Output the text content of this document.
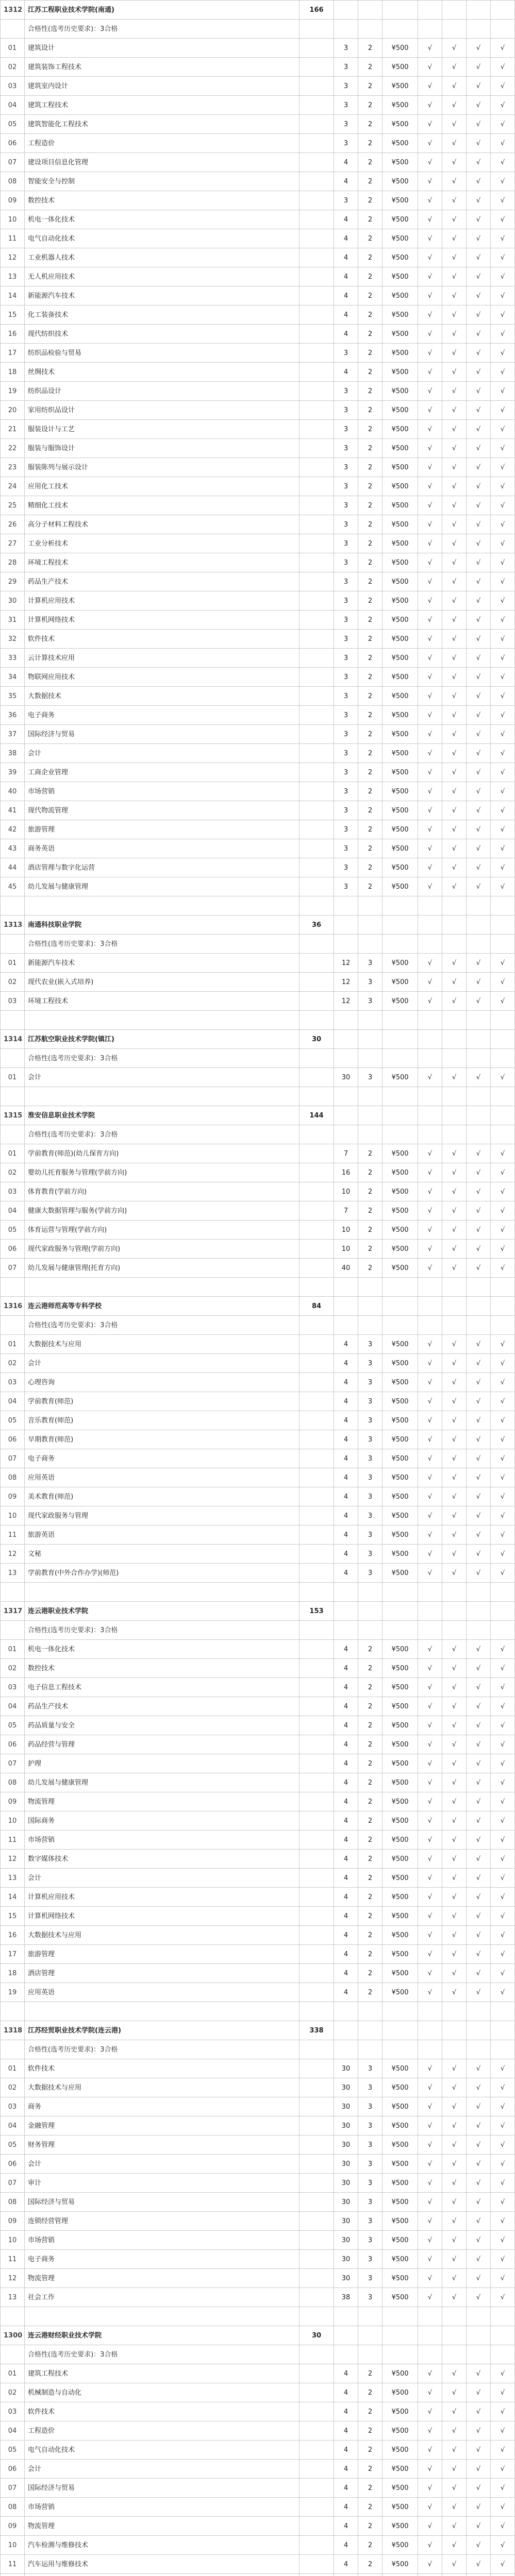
1312	江苏工程职业技术学院(南通)	166							
	合格性(选考历史要求)：3合格								
01	建筑设计		3	2	¥500	√	√	√	√
02	建筑装饰工程技术		3	2	¥500	√	√	√	√
03	建筑室内设计		3	2	¥500	√	√	√	√
04	建筑工程技术		3	2	¥500	√	√	√	√
05	建筑智能化工程技术		3	2	¥500	√	√	√	√
06	工程造价		3	2	¥500	√	√	√	√
07	建设项目信息化管理		4	2	¥500	√	√	√	√
08	智能安全与控制		4	2	¥500	√	√	√	√
09	数控技术		3	2	¥500	√	√	√	√
10	机电一体化技术		4	2	¥500	√	√	√	√
11	电气自动化技术		4	2	¥500	√	√	√	√
12	工业机器人技术		4	2	¥500	√	√	√	√
13	无人机应用技术		4	2	¥500	√	√	√	√
14	新能源汽车技术		4	2	¥500	√	√	√	√
15	化工装备技术		4	2	¥500	√	√	√	√
16	现代纺织技术		4	2	¥500	√	√	√	√
17	纺织品检验与贸易		3	2	¥500	√	√	√	√
18	丝绸技术		4	2	¥500	√	√	√	√
19	纺织品设计		3	2	¥500	√	√	√	√
20	家用纺织品设计		3	2	¥500	√	√	√	√
21	服装设计与工艺		3	2	¥500	√	√	√	√
22	服装与服饰设计		3	2	¥500	√	√	√	√
23	服装陈列与展示设计		3	2	¥500	√	√	√	√
24	应用化工技术		3	2	¥500	√	√	√	√
25	精细化工技术		3	2	¥500	√	√	√	√
26	高分子材料工程技术		3	2	¥500	√	√	√	√
27	工业分析技术		3	2	¥500	√	√	√	√
28	环境工程技术		3	2	¥500	√	√	√	√
29	药品生产技术		3	2	¥500	√	√	√	√
30	计算机应用技术		3	2	¥500	√	√	√	√
31	计算机网络技术		3	2	¥500	√	√	√	√
32	软件技术		3	2	¥500	√	√	√	√
33	云计算技术应用		3	2	¥500	√	√	√	√
34	物联网应用技术		3	2	¥500	√	√	√	√
35	大数据技术		3	2	¥500	√	√	√	√
36	电子商务		3	2	¥500	√	√	√	√
37	国际经济与贸易		3	2	¥500	√	√	√	√
38	会计		3	2	¥500	√	√	√	√
39	工商企业管理		3	2	¥500	√	√	√	√
40	市场营销		3	2	¥500	√	√	√	√
41	现代物流管理		3	2	¥500	√	√	√	√
42	旅游管理		3	2	¥500	√	√	√	√
43	商务英语		3	2	¥500	√	√	√	√
44	酒店管理与数字化运营		3	2	¥500	√	√	√	√
45	幼儿发展与健康管理		3	2	¥500	√	√	√	√

1313	南通科技职业学院	36							
	合格性(选考历史要求)：3合格								
01	新能源汽车技术		12	3	¥500	√	√	√	√
02	现代农业(嵌入式培养)		12	3	¥500	√	√	√	√
03	环境工程技术		12	3	¥500	√	√	√	√

1314	江苏航空职业技术学院(镇江)	30							
	合格性(选考历史要求)：3合格								
01	会计		30	3	¥500	√	√	√	√

1315	淮安信息职业技术学院	144							
	合格性(选考历史要求)：3合格								
01	学前教育(师范)(幼儿保育方向)		7	2	¥500	√	√	√	√
02	婴幼儿托育服务与管理(学前方向)		16	2	¥500	√	√	√	√
03	体育教育(学前方向)		10	2	¥500	√	√	√	√
04	健康大数据管理与服务(学前方向)		7	2	¥500	√	√	√	√
05	体育运营与管理(学前方向)		10	2	¥500	√	√	√	√
06	现代家政服务与管理(学前方向)		10	2	¥500	√	√	√	√
07	幼儿发展与健康管理(托育方向)		40	2	¥500	√	√	√	√

1316	连云港师范高等专科学校	84							
	合格性(选考历史要求)：3合格								
01	大数据技术与应用		4	3	¥500	√	√	√	√
02	会计		4	3	¥500	√	√	√	√
03	心理咨询		4	3	¥500	√	√	√	√
04	学前教育(师范)		4	3	¥500	√	√	√	√
05	音乐教育(师范)		4	3	¥500	√	√	√	√
06	早期教育(师范)		4	3	¥500	√	√	√	√
07	电子商务		4	3	¥500	√	√	√	√
08	应用英语		4	3	¥500	√	√	√	√
09	美术教育(师范)		4	3	¥500	√	√	√	√
10	现代家政服务与管理		4	3	¥500	√	√	√	√
11	旅游英语		4	3	¥500	√	√	√	√
12	文秘		4	3	¥500	√	√	√	√
13	学前教育(中外合作办学)(师范)		4	3	¥500	√	√	√	√

1317	连云港职业技术学院	153							
	合格性(选考历史要求)：3合格								
01	机电一体化技术		4	2	¥500	√	√	√	√
02	数控技术		4	2	¥500	√	√	√	√
03	电子信息工程技术		4	2	¥500	√	√	√	√
04	药品生产技术		4	2	¥500	√	√	√	√
05	药品质量与安全		4	2	¥500	√	√	√	√
06	药品经营与管理		4	2	¥500	√	√	√	√
07	护理		4	2	¥500	√	√	√	√
08	幼儿发展与健康管理		4	2	¥500	√	√	√	√
09	物流管理		4	2	¥500	√	√	√	√
10	国际商务		4	2	¥500	√	√	√	√
11	市场营销		4	2	¥500	√	√	√	√
12	数字媒体技术		4	2	¥500	√	√	√	√
13	会计		4	2	¥500	√	√	√	√
14	计算机应用技术		4	2	¥500	√	√	√	√
15	计算机网络技术		4	2	¥500	√	√	√	√
16	大数据技术与应用		4	2	¥500	√	√	√	√
17	旅游管理		4	2	¥500	√	√	√	√
18	酒店管理		4	2	¥500	√	√	√	√
19	应用英语		4	2	¥500	√	√	√	√

1318	江苏经贸职业技术学院(连云港)	338							
	合格性(选考历史要求)：3合格								
01	软件技术		30	3	¥500	√	√	√	√
02	大数据技术与应用		30	3	¥500	√	√	√	√
03	商务		30	3	¥500	√	√	√	√
04	金融管理		30	3	¥500	√	√	√	√
05	财务管理		30	3	¥500	√	√	√	√
06	会计		30	3	¥500	√	√	√	√
07	审计		30	3	¥500	√	√	√	√
08	国际经济与贸易		30	3	¥500	√	√	√	√
09	连锁经营管理		30	3	¥500	√	√	√	√
10	市场营销		30	3	¥500	√	√	√	√
11	电子商务		30	3	¥500	√	√	√	√
12	物流管理		30	3	¥500	√	√	√	√
13	社会工作		38	3	¥500	√	√	√	√

1300	连云港财经职业技术学院	30							
	合格性(选考历史要求)：3合格								
01	建筑工程技术		4	2	¥500	√	√	√	√
02	机械制造与自动化		4	2	¥500	√	√	√	√
03	软件技术		4	2	¥500	√	√	√	√
04	工程造价		4	2	¥500	√	√	√	√
05	电气自动化技术		4	2	¥500	√	√	√	√
06	会计		4	2	¥500	√	√	√	√
07	国际经济与贸易		4	2	¥500	√	√	√	√
08	市场营销		4	2	¥500	√	√	√	√
09	物流管理		4	2	¥500	√	√	√	√
10	汽车检测与维修技术		4	2	¥500	√	√	√	√
11	汽车运用与维修技术		4	2	¥500	√	√	√	√
